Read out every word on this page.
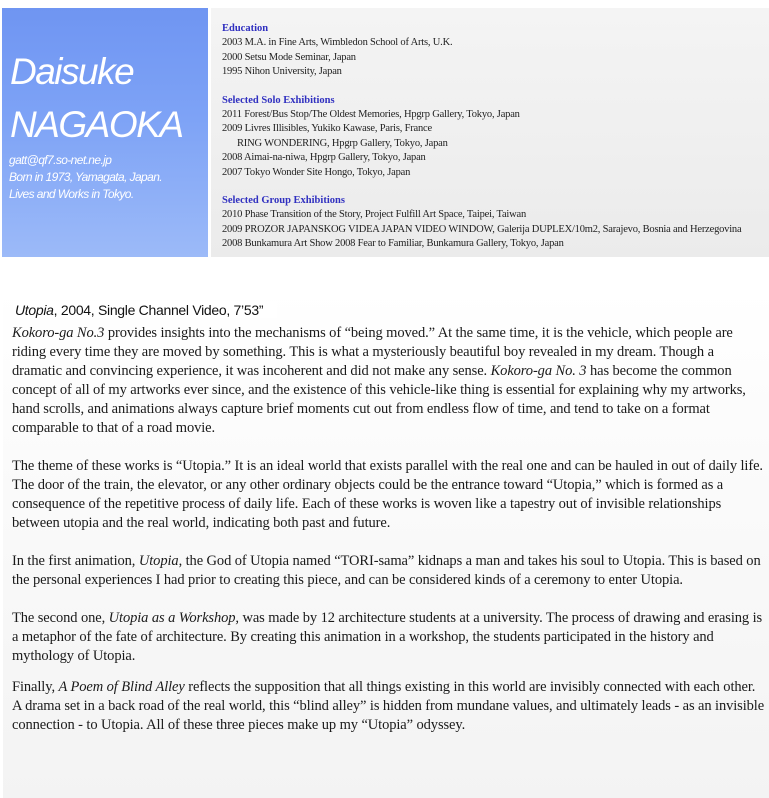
Daisuke
NAGAOKA
gatt@qf7.so-net.ne.jp
Born in 1973, Yamagata, Japan.
Lives and Works in Tokyo.
Education
2003 M.A. in Fine Arts, Wimbledon School of Arts, U.K.
2000 Setsu Mode Seminar, Japan
1995 Nihon University, Japan
Selected Solo Exhibitions
2011 Forest/Bus Stop/The Oldest Memories, Hpgrp Gallery, Tokyo, Japan
2009 Livres Illisibles, Yukiko Kawase, Paris, France
RING WONDERING, Hpgrp Gallery, Tokyo, Japan
2008 Aimai-na-niwa, Hpgrp Gallery, Tokyo, Japan
2007 Tokyo Wonder Site Hongo, Tokyo, Japan
Selected Group Exhibitions
2010 Phase Transition of the Story, Project Fulfill Art Space, Taipei, Taiwan
2009 PROZOR JAPANSKOG VIDEA JAPAN VIDEO WINDOW, Galerija DUPLEX/10m2, Sarajevo, Bosnia and Herzegovina
2008 Bunkamura Art Show 2008 Fear to Familiar, Bunkamura Gallery, Tokyo, Japan
Utopia, 2004, Single Channel Video, 7’53”

Kokoro-ga No.3 provides insights into the mechanisms of “being moved.” At the same time, it is the vehicle, which people are riding every time they are moved by something. This is what a mysteriously beautiful boy revealed in my dream. Though a dramatic and convincing experience, it was incoherent and did not make any sense. Kokoro-ga No. 3 has become the common concept of all of my artworks ever since, and the existence of this vehicle-like thing is essential for explaining why my artworks, hand scrolls, and animations always capture brief moments cut out from endless flow of time, and tend to take on a format comparable to that of a road movie.

The theme of these works is “Utopia.” It is an ideal world that exists parallel with the real one and can be hauled in out of daily life. The door of the train, the elevator, or any other ordinary objects could be the entrance toward “Utopia,” which is formed as a consequence of the repetitive process of daily life. Each of these works is woven like a tapestry out of invisible relationships between utopia and the real world, indicating both past and future.

In the first animation, Utopia, the God of Utopia named “TORI-sama” kidnaps a man and takes his soul to Utopia. This is based on the personal experiences I had prior to creating this piece, and can be considered kinds of a ceremony to enter Utopia.

The second one, Utopia as a Workshop, was made by 12 architecture students at a university. The process of drawing and erasing is a metaphor of the fate of architecture. By creating this animation in a workshop, the students participated in the history and mythology of Utopia.

Finally, A Poem of Blind Alley reflects the supposition that all things existing in this world are invisibly connected with each other.
A drama set in a back road of the real world, this “blind alley” is hidden from mundane values, and ultimately leads - as an invisible connection - to Utopia. All of these three pieces make up my “Utopia” odyssey.
